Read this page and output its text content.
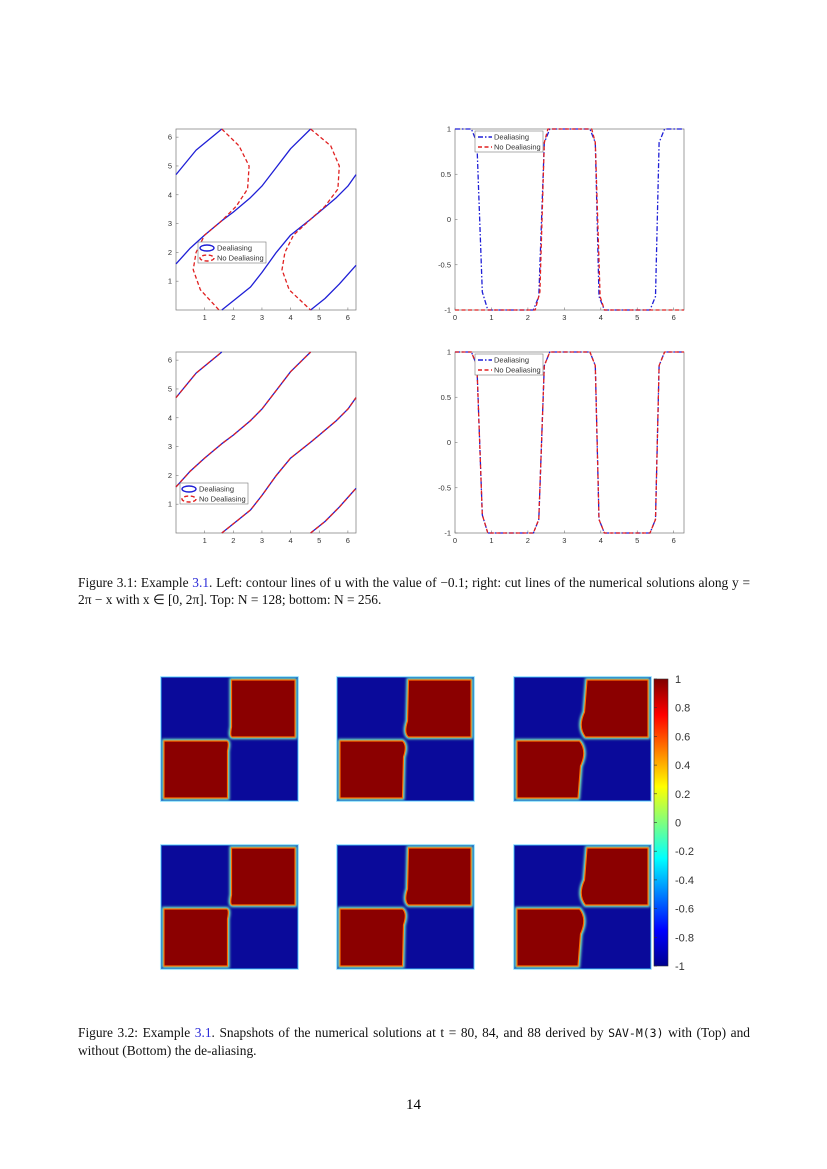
1	2	3	4	5	6
1
2
3
4
5
6
Dealiasing
No Dealiasing
0	1	2	3	4	5	6
1
0.5
0
-0.5
-1
Dealiasing
No Dealiasing
1	2	3	4	5	6
1
2
3
4
5
6
Dealiasing
No Dealiasing
0	1	2	3	4	5	6
1
0.5
0
-0.5
-1
Dealiasing
No Dealiasing
Figure 3.1: Example 3.1. Left: contour lines of u with the value of −0.1; right: cut lines of the numerical solutions along y = 2π − x with x ∈ [0, 2π]. Top: N = 128; bottom: N = 256.
1
0.8
0.6
0.4
0.2
0
-0.2
-0.4
-0.6
-0.8
-1
Figure 3.2: Example 3.1. Snapshots of the numerical solutions at t = 80, 84, and 88 derived by SAV-M(3) with (Top) and without (Bottom) the de-aliasing.
14
